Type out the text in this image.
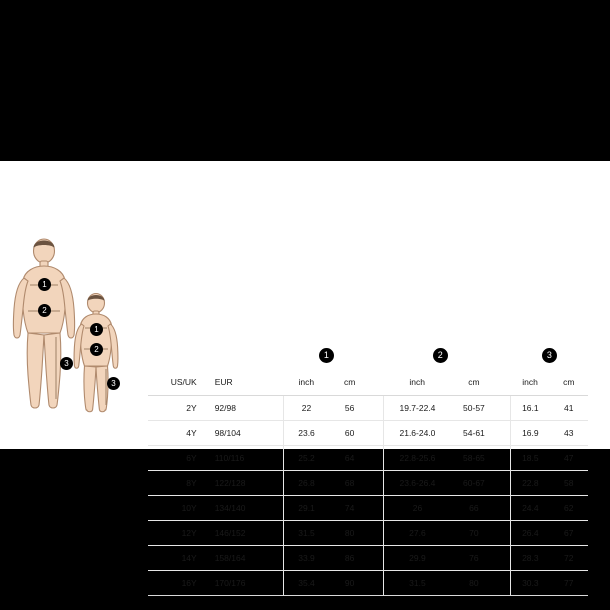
1
2
3
1
2
3
			1			2			3	
US/UK	EUR		inch	cm		inch	cm		inch	cm
2Y	92/98		22	56		19.7-22.4	50-57		16.1	41
4Y	98/104		23.6	60		21.6-24.0	54-61		16.9	43
6Y	110/116		25.2	64		22.8-25.6	58-65		18.5	47
8Y	122/128		26.8	68		23.6-26.4	60-67		22.8	58
10Y	134/140		29.1	74		26	66		24.4	62
12Y	146/152		31.5	80		27.6	70		26.4	67
14Y	158/164		33.9	86		29.9	76		28.3	72
16Y	170/176		35.4	90		31.5	80		30.3	77
